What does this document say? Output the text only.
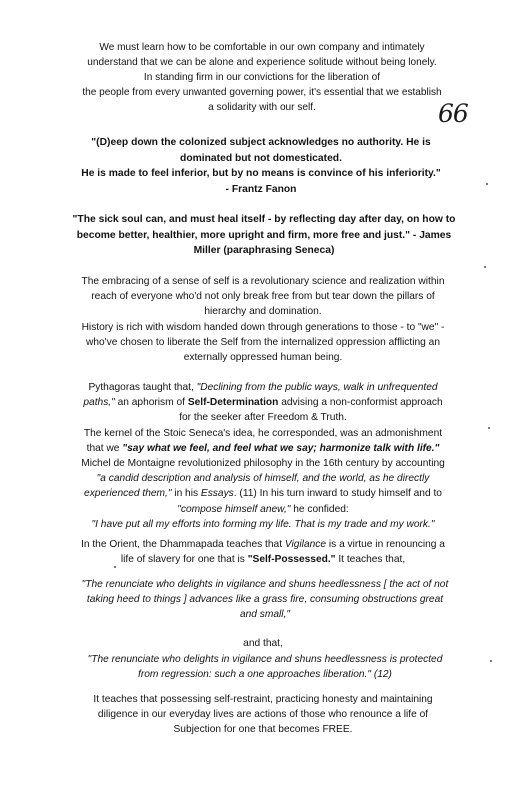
We must learn how to be comfortable in our own company and intimately

understand that we can be alone and experience solitude without being lonely.

In standing firm in our convictions for the liberation of

the people from every unwanted governing power, it's essential that we establish

a solidarity with our self.	66

"(D)eep down the colonized subject acknowledges no authority. He is

dominated but not domesticated.

He is made to feel inferior, but by no means is convince of his inferiority."

- Frantz Fanon

"The sick soul can, and must heal itself - by reflecting day after day, on how to

become better, healthier, more upright and firm, more free and just." - James

Miller (paraphrasing Seneca)

The embracing of a sense of self is a revolutionary science and realization within

reach of everyone who'd not only break free from but tear down the pillars of

hierarchy and domination.

History is rich with wisdom handed down through generations to those - to "we" -

who've chosen to liberate the Self from the internalized oppression afflicting an

externally oppressed human being.

Pythagoras taught that, "Declining from the public ways, walk in unfrequented

paths," an aphorism of Self-Determination advising a non-conformist approach

for the seeker after Freedom & Truth.

The kernel of the Stoic Seneca's idea, he corresponded, was an admonishment

that we "say what we feel, and feel what we say; harmonize talk with life."

Michel de Montaigne revolutionized philosophy in the 16th century by accounting

"a candid description and analysis of himself, and the world, as he directly

experienced them," in his Essays. (11) In his turn inward to study himself and to

"compose himself anew," he confided:

"I have put all my efforts into forming my life. That is my trade and my work."

In the Orient, the Dhammapada teaches that Vigilance is a virtue in renouncing a

life of slavery for one that is "Self-Possessed." It teaches that,

"The renunciate who delights in vigilance and shuns heedlessness [ the act of not

taking heed to things ] advances like a grass fire, consuming obstructions great

and small,"

and that,

"The renunciate who delights in vigilance and shuns heedlessness is protected

from regression: such a one approaches liberation." (12)

It teaches that possessing self-restraint, practicing honesty and maintaining

diligence in our everyday lives are actions of those who renounce a life of

Subjection for one that becomes FREE.
